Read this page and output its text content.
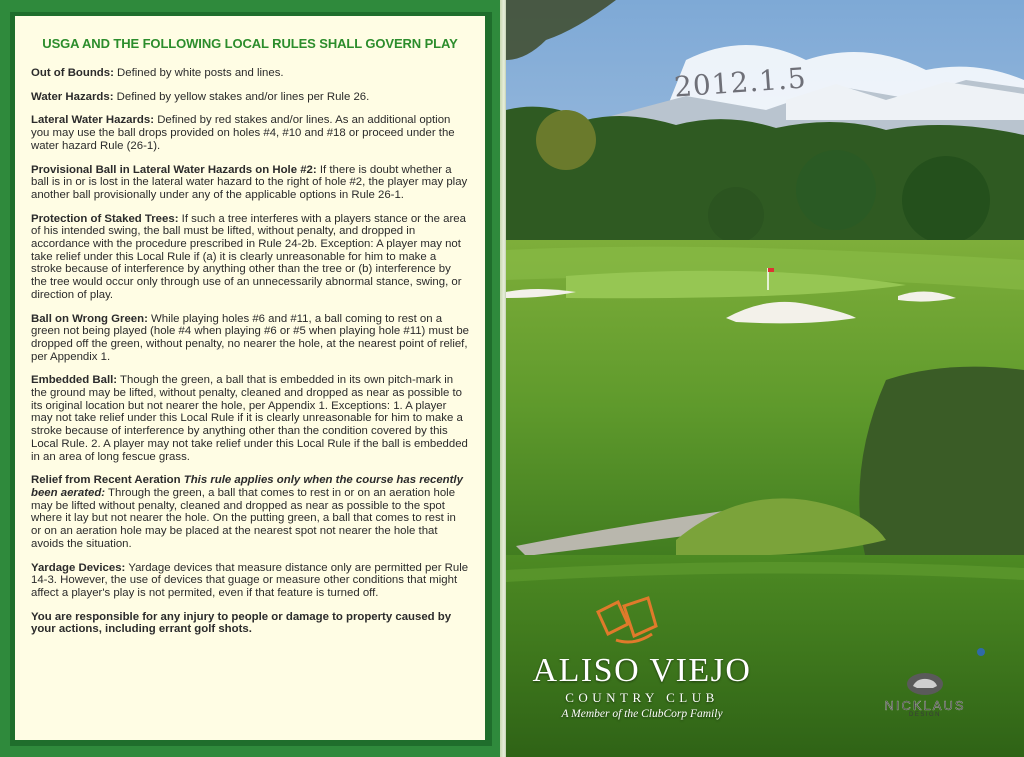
USGA AND THE FOLLOWING LOCAL RULES SHALL GOVERN PLAY

Out of Bounds: Defined by white posts and lines.

Water Hazards: Defined by yellow stakes and/or lines per Rule 26.

Lateral Water Hazards: Defined by red stakes and/or lines. As an additional option you may use the ball drops provided on holes #4, #10 and #18 or proceed under the water hazard Rule (26-1).

Provisional Ball in Lateral Water Hazards on Hole #2: If there is doubt whether a ball is in or is lost in the lateral water hazard to the right of hole #2, the player may play another ball provisionally under any of the applicable options in Rule 26-1.

Protection of Staked Trees: If such a tree interferes with a players stance or the area of his intended swing, the ball must be lifted, without penalty, and dropped in accordance with the procedure prescribed in Rule 24-2b. Exception: A player may not take relief under this Local Rule if (a) it is clearly unreasonable for him to make a stroke because of interference by anything other than the tree or (b) interference by the tree would occur only through use of an unnecessarily abnormal stance, swing, or direction of play.

Ball on Wrong Green: While playing holes #6 and #11, a ball coming to rest on a green not being played (hole #4 when playing #6 or #5 when playing hole #11) must be dropped off the green, without penalty, no nearer the hole, at the nearest point of relief, per Appendix 1.

Embedded Ball: Though the green, a ball that is embedded in its own pitch-mark in the ground may be lifted, without penalty, cleaned and dropped as near as possible to its original location but not nearer the hole, per Appendix 1. Exceptions: 1. A player may not take relief under this Local Rule if it is clearly unreasonable for him to make a stroke because of interference by anything other than the condition covered by this Local Rule. 2. A player may not take relief under this Local Rule if the ball is embedded in an area of long fescue grass.

Relief from Recent Aeration This rule applies only when the course has recently been aerated: Through the green, a ball that comes to rest in or on an aeration hole may be lifted without penalty, cleaned and dropped as near as possible to the spot where it lay but not nearer the hole. On the putting green, a ball that comes to rest in or on an aeration hole may be placed at the nearest spot not nearer the hole that avoids the situation.

Yardage Devices: Yardage devices that measure distance only are permitted per Rule 14-3. However, the use of devices that guage or measure other conditions that might affect a player's play is not permited, even if that feature is turned off.

You are responsible for any injury to people or damage to property caused by your actions, including errant golf shots.

2012.1.5
ALISO VIEJO
COUNTRY CLUB
A Member of the ClubCorp Family
NICKLAUS
DESIGN
